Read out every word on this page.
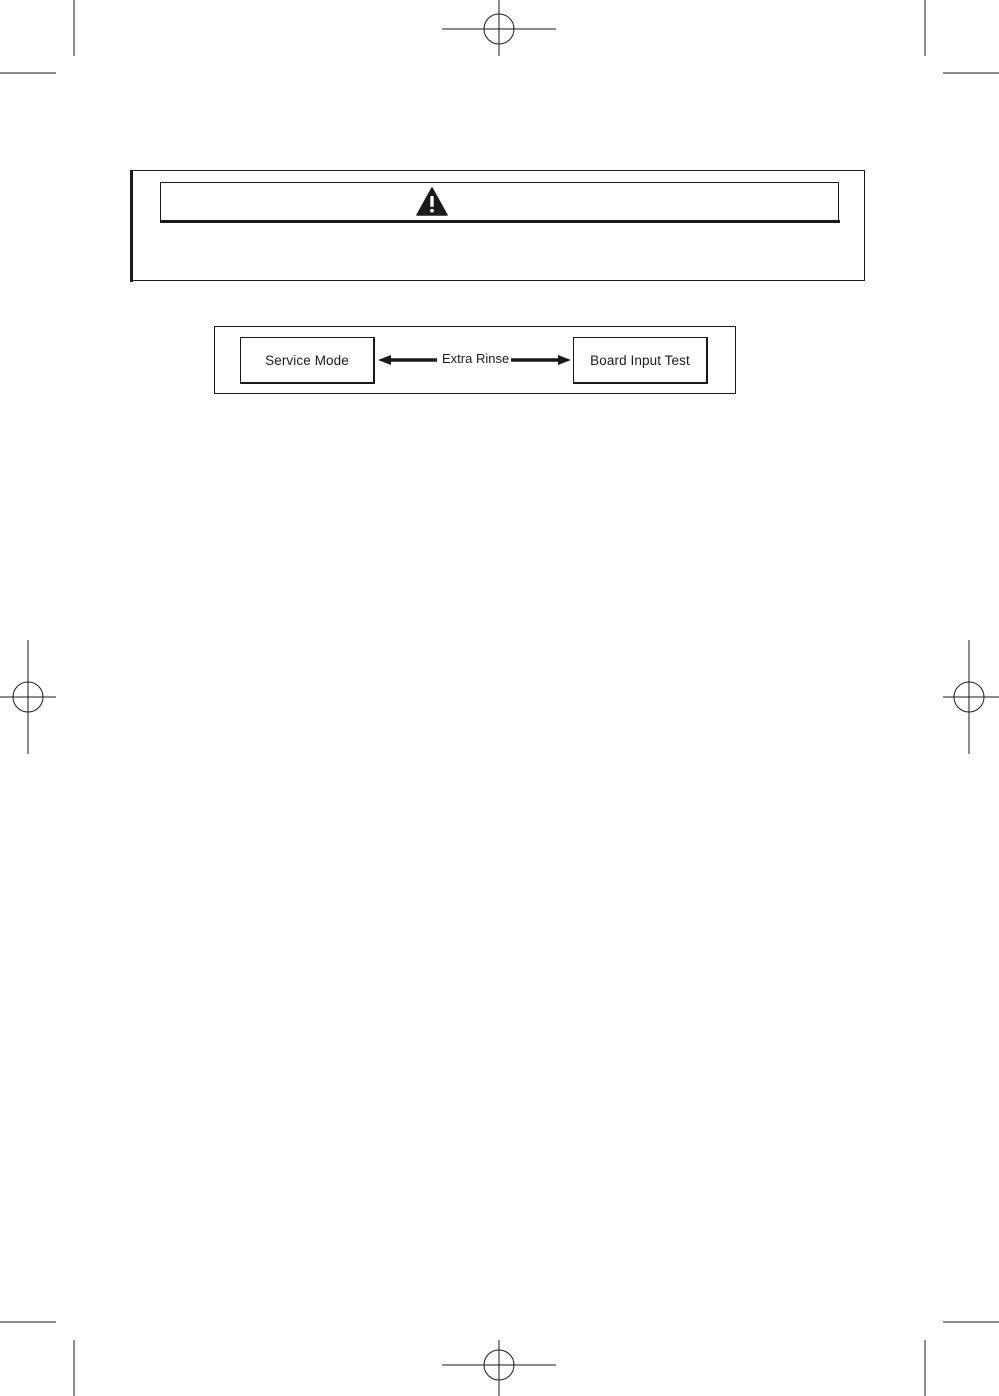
Service Mode	Extra Rinse	Board Input Test
